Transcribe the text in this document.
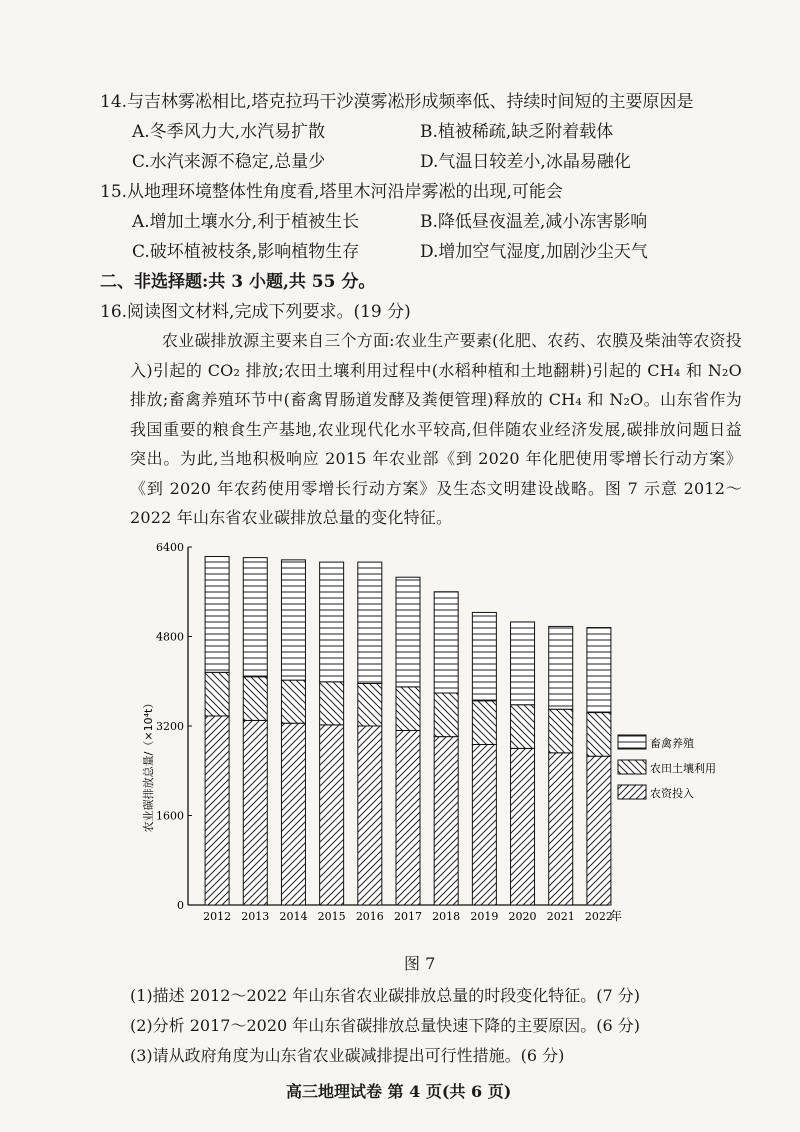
14.与吉林雾凇相比,塔克拉玛干沙漠雾凇形成频率低、持续时间短的主要原因是
A.冬季风力大,水汽易扩散	B.植被稀疏,缺乏附着载体
C.水汽来源不稳定,总量少	D.气温日较差小,冰晶易融化
15.从地理环境整体性角度看,塔里木河沿岸雾凇的出现,可能会
A.增加土壤水分,利于植被生长	B.降低昼夜温差,减小冻害影响
C.破坏植被枝条,影响植物生存	D.增加空气湿度,加剧沙尘天气
二、非选择题:共 3 小题,共 55 分。
16.阅读图文材料,完成下列要求。(19 分)
农业碳排放源主要来自三个方面:农业生产要素(化肥、农药、农膜及柴油等农资投入)引起的 CO₂ 排放;农田土壤利用过程中(水稻种植和土地翻耕)引起的 CH₄ 和 N₂O 排放;畜禽养殖环节中(畜禽胃肠道发酵及粪便管理)释放的 CH₄ 和 N₂O。山东省作为我国重要的粮食生产基地,农业现代化水平较高,但伴随农业经济发展,碳排放问题日益突出。为此,当地积极响应 2015 年农业部《到 2020 年化肥使用零增长行动方案》《到 2020 年农药使用零增长行动方案》及生态文明建设战略。图 7 示意 2012～2022 年山东省农业碳排放总量的变化特征。
农业碳排放总量/（×10⁴t）
0
1600
3200
4800
6400
2012 2013 2014 2015 2016 2017 2018 2019 2020 2021 2022
年
畜禽养殖
农田土壤利用
农资投入
图 7
(1)描述 2012～2022 年山东省农业碳排放总量的时段变化特征。(7 分)
(2)分析 2017～2020 年山东省碳排放总量快速下降的主要原因。(6 分)
(3)请从政府角度为山东省农业碳减排提出可行性措施。(6 分)
高三地理试卷 第 4 页(共 6 页)
